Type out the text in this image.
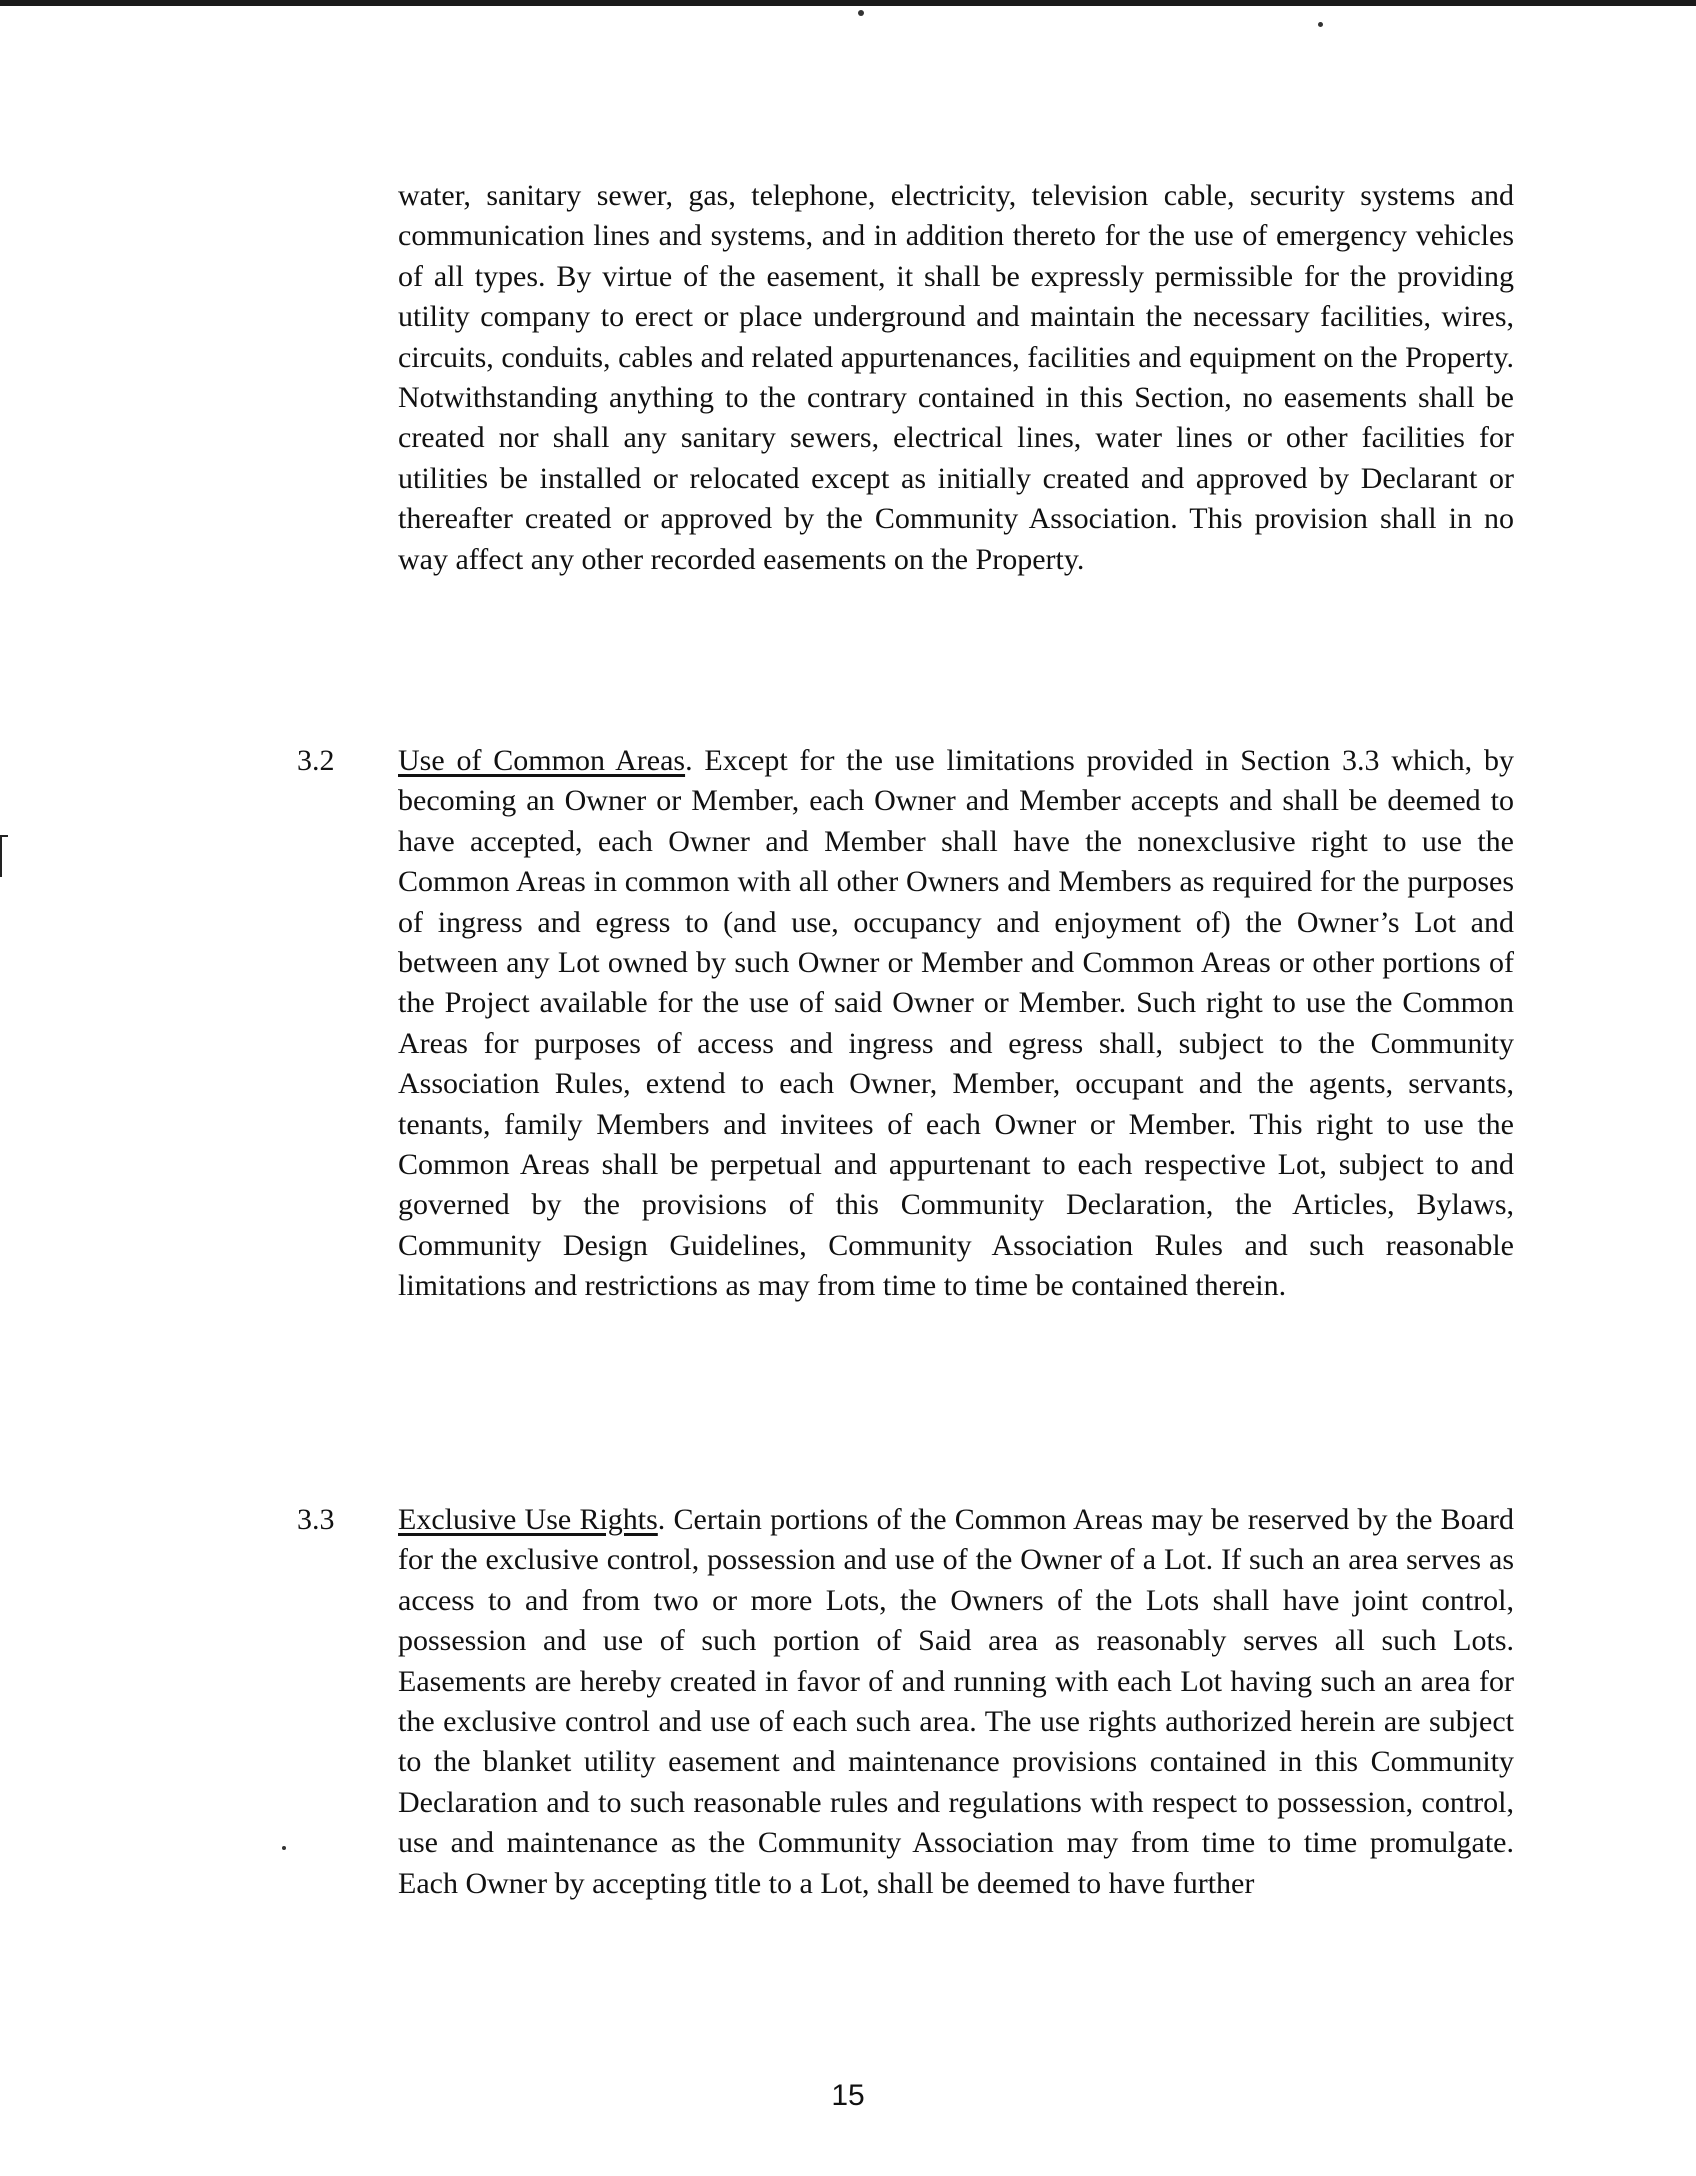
water, sanitary sewer, gas, telephone, electricity, television cable, security systems and communication lines and systems, and in addition thereto for the use of emergency vehicles of all types. By virtue of the easement, it shall be expressly permissible for the providing utility company to erect or place underground and maintain the necessary facilities, wires, circuits, conduits, cables and related appurtenances, facilities and equipment on the Property. Notwithstanding anything to the contrary contained in this Section, no easements shall be created nor shall any sanitary sewers, electrical lines, water lines or other facilities for utilities be installed or relocated except as initially created and approved by Declarant or thereafter created or approved by the Community Association. This provision shall in no way affect any other recorded easements on the Property.

3.2 Use of Common Areas. Except for the use limitations provided in Section 3.3 which, by becoming an Owner or Member, each Owner and Member accepts and shall be deemed to have accepted, each Owner and Member shall have the nonexclusive right to use the Common Areas in common with all other Owners and Members as required for the purposes of ingress and egress to (and use, occupancy and enjoyment of) the Owner’s Lot and between any Lot owned by such Owner or Member and Common Areas or other portions of the Project available for the use of said Owner or Member. Such right to use the Common Areas for purposes of access and ingress and egress shall, subject to the Community Association Rules, extend to each Owner, Member, occupant and the agents, servants, tenants, family Members and invitees of each Owner or Member. This right to use the Common Areas shall be perpetual and appurtenant to each respective Lot, subject to and governed by the provisions of this Community Declaration, the Articles, Bylaws, Community Design Guidelines, Community Association Rules and such reasonable limitations and restrictions as may from time to time be contained therein.

3.3 Exclusive Use Rights. Certain portions of the Common Areas may be reserved by the Board for the exclusive control, possession and use of the Owner of a Lot. If such an area serves as access to and from two or more Lots, the Owners of the Lots shall have joint control, possession and use of such portion of Said area as reasonably serves all such Lots. Easements are hereby created in favor of and running with each Lot having such an area for the exclusive control and use of each such area. The use rights authorized herein are subject to the blanket utility easement and maintenance provisions contained in this Community Declaration and to such reasonable rules and regulations with respect to possession, control, use and maintenance as the Community Association may from time to time promulgate. Each Owner by accepting title to a Lot, shall be deemed to have further

15
